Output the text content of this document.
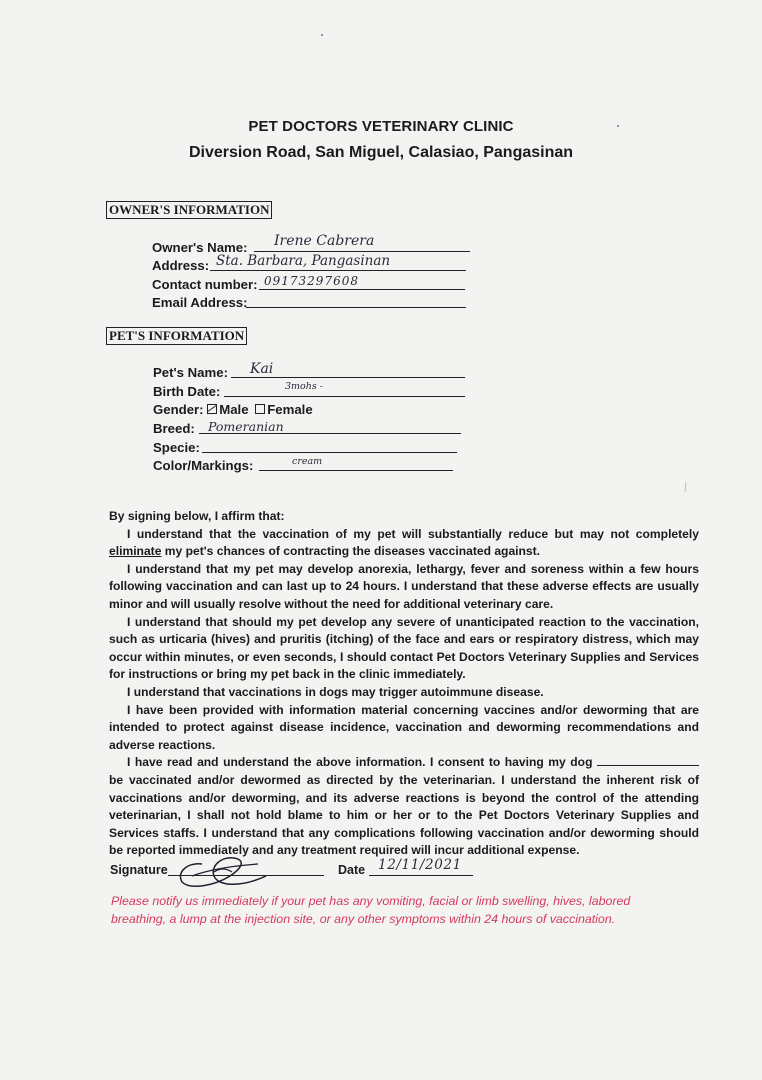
PET DOCTORS VETERINARY CLINIC
Diversion Road, San Miguel, Calasiao, Pangasinan
OWNER'S INFORMATION
Owner's Name: Irene Cabrera
Address: Sta. Barbara, Pangasinan
Contact number: 09173297608
Email Address:
PET'S INFORMATION
Pet's Name: Kai
Birth Date:	3mohs -
Gender: Male Female
Breed: Pomeranian
Specie:
Color/Markings:	cream

By signing below, I affirm that:

I understand that the vaccination of my pet will substantially reduce but may not completely eliminate my pet's chances of contracting the diseases vaccinated against.

I understand that my pet may develop anorexia, lethargy, fever and soreness within a few hours following vaccination and can last up to 24 hours. I understand that these adverse effects are usually minor and will usually resolve without the need for additional veterinary care.

I understand that should my pet develop any severe of unanticipated reaction to the vaccination, such as urticaria (hives) and pruritis (itching) of the face and ears or respiratory distress, which may occur within minutes, or even seconds, I should contact Pet Doctors Veterinary Supplies and Services for instructions or bring my pet back in the clinic immediately.

I understand that vaccinations in dogs may trigger autoimmune disease.

I have been provided with information material concerning vaccines and/or deworming that are intended to protect against disease incidence, vaccination and deworming recommendations and adverse reactions.

I have read and understand the above information. I consent to having my dog  be vaccinated and/or dewormed as directed by the veterinarian. I understand the inherent risk of vaccinations and/or deworming, and its adverse reactions is beyond the control of the attending veterinarian, I shall not hold blame to him or her or to the Pet Doctors Veterinary Supplies and Services staffs. I understand that any complications following vaccination and/or deworming should be reported immediately and any treatment required will incur additional expense.

Signature	Date 12/11/2021
Please notify us immediately if your pet has any vomiting, facial or limb swelling, hives, labored breathing, a lump at the injection site, or any other symptoms within 24 hours of vaccination.
